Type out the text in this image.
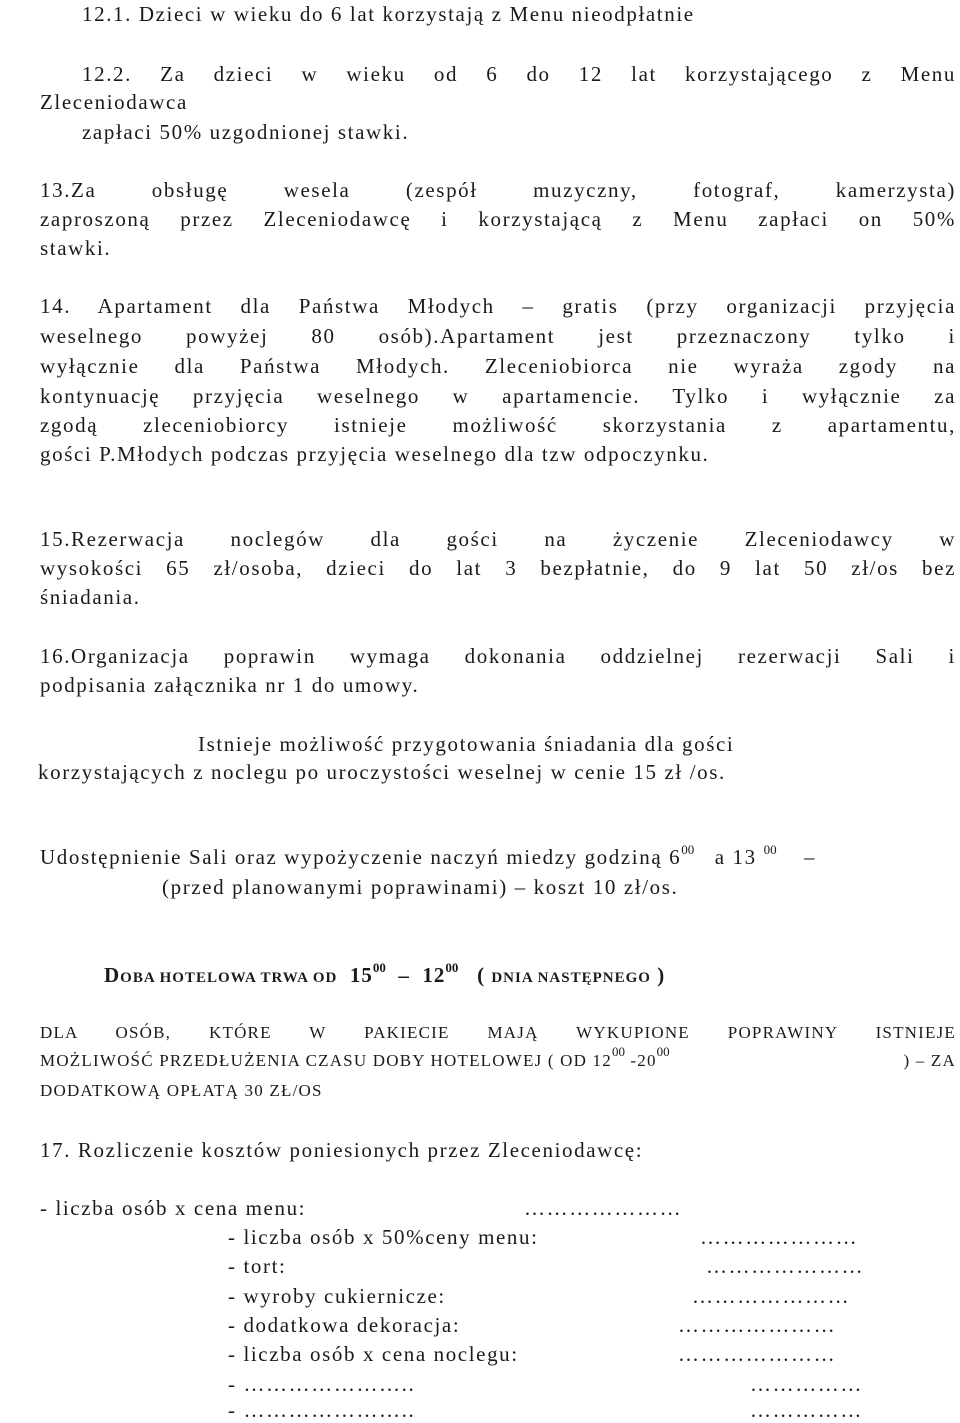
12.1. Dzieci w wieku do 6 lat korzystają z Menu nieodpłatnie

12.2. Za dzieci w wieku od 6 do 12 lat korzystającego z Menu

Zleceniodawca

zapłaci 50% uzgodnionej stawki.

13.Za obsługę wesela (zespół muzyczny, fotograf, kamerzysta)

zaproszoną przez Zleceniodawcę i korzystającą z Menu zapłaci on 50%

stawki.

14. Apartament dla Państwa Młodych – gratis (przy organizacji przyjęcia

weselnego powyżej 80 osób).Apartament jest przeznaczony tylko i

wyłącznie dla Państwa Młodych. Zleceniobiorca nie wyraża zgody na

kontynuację przyjęcia weselnego w apartamencie. Tylko i wyłącznie za

zgodą zleceniobiorcy istnieje możliwość skorzystania z apartamentu,

gości P.Młodych podczas przyjęcia weselnego dla tzw odpoczynku.

15.Rezerwacja noclegów dla gości na życzenie Zleceniodawcy w

wysokości 65 zł/osoba, dzieci do lat 3 bezpłatnie, do 9 lat 50 zł/os bez

śniadania.

16.Organizacja poprawin wymaga dokonania oddzielnej rezerwacji Sali i

podpisania załącznika nr 1 do umowy.

Istnieje możliwość przygotowania śniadania dla gości

korzystających z noclegu po uroczystości weselnej w cenie 15 zł /os.

Udostępnienie Sali oraz wypożyczenie naczyń miedzy godziną $6^{00}$ a 13 $^{00}$ –

(przed planowanymi poprawinami) – koszt 10 zł/os.

DOBA HOTELOWA TRWA OD $15^{00} - 12^{00}$ ( DNIA NASTĘPNEGO )

DLA OSÓB, KTÓRE W PAKIECIE MAJĄ WYKUPIONE POPRAWINY ISTNIEJE

MOŻLIWOŚĆ PRZEDŁUŻENIA CZASU DOBY HOTELOWEJ ( OD $12^{00}$ $-20^{00}$	) – ZA

DODATKOWĄ OPŁATĄ 30 ZŁ/OS

17. Rozliczenie kosztów poniesionych przez Zleceniodawcę:

- liczba osób x cena menu:	…………………

- liczba osób x 50%ceny menu:	…………………

- tort:	…………………

- wyroby cukiernicze:	…………………

- dodatkowa dekoracja:	…………………

- liczba osób x cena noclegu:	…………………

- …………………..	……………

- …………………..	……………
